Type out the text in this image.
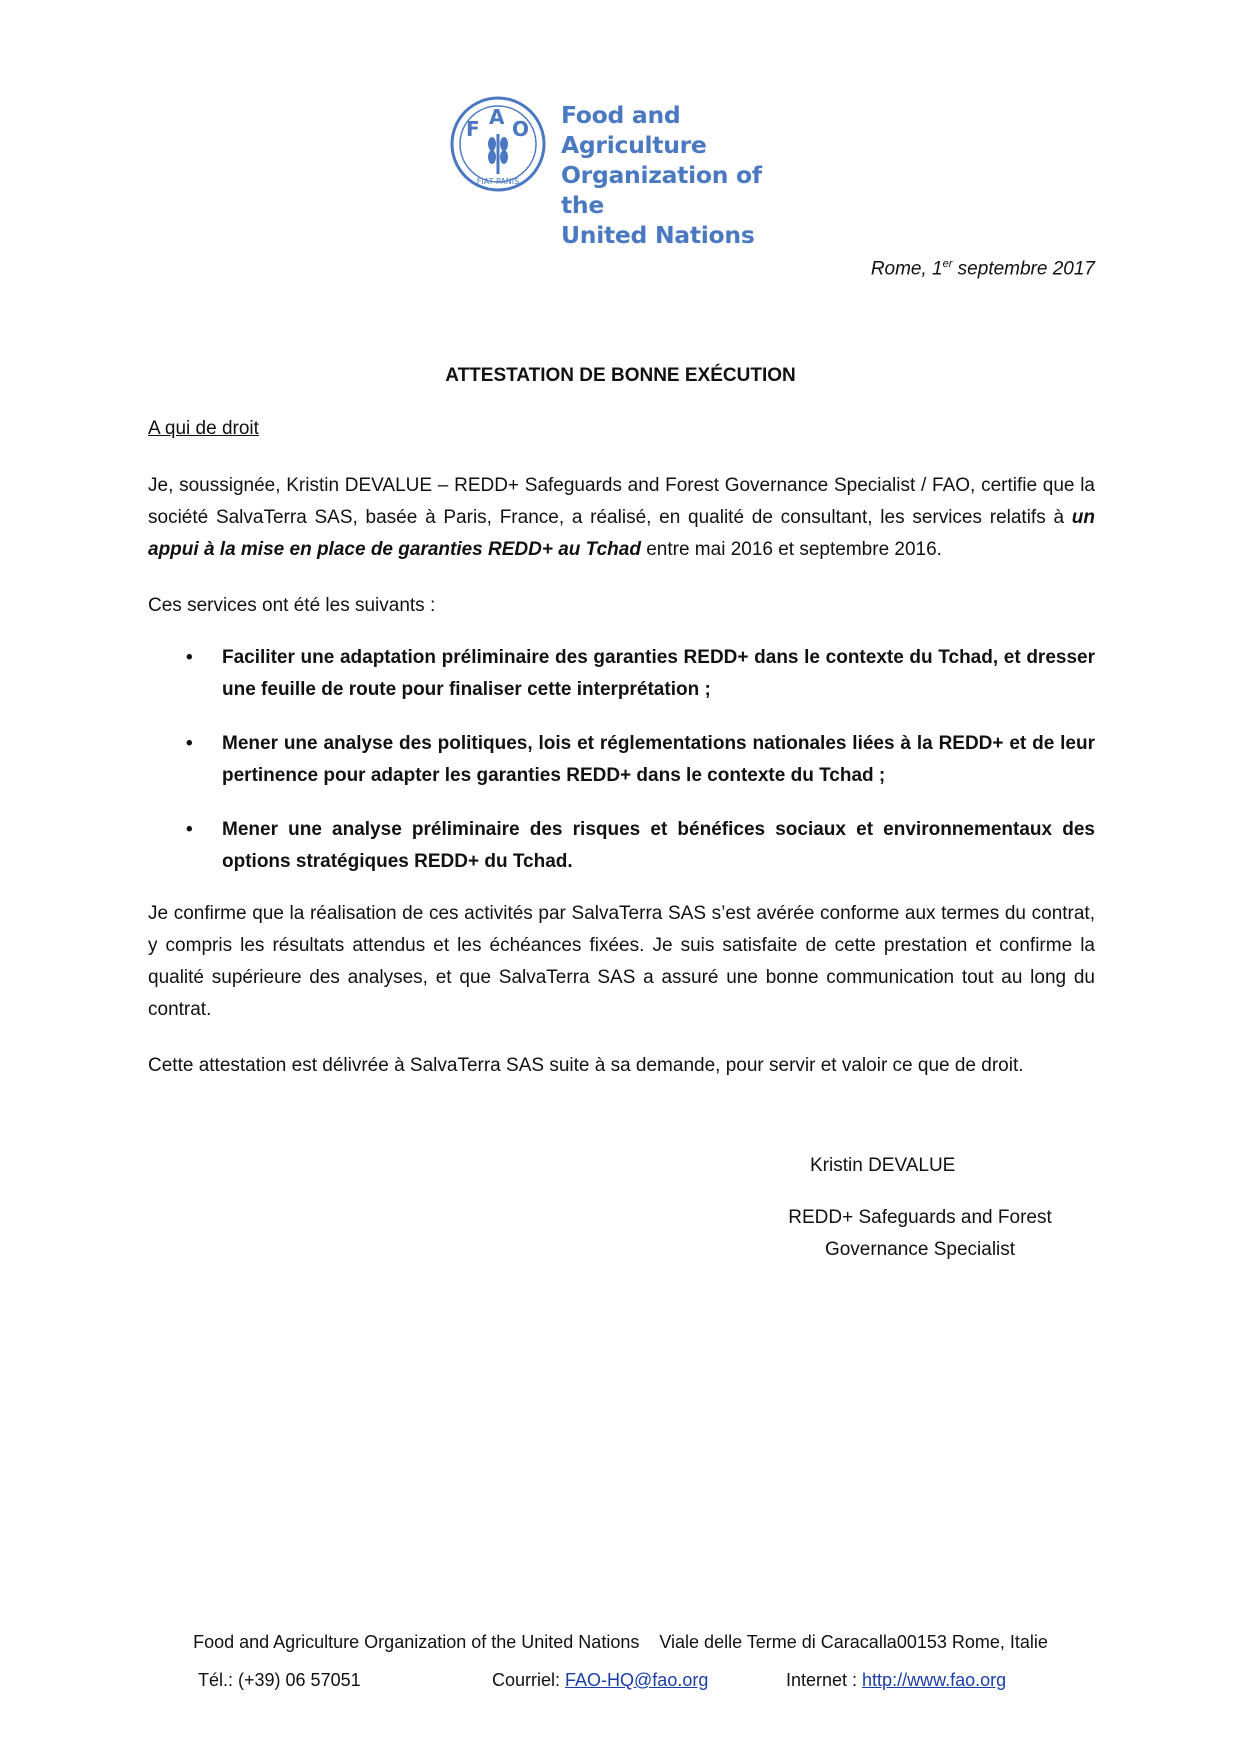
F A O
FIAT PANIS
Food and Agriculture
Organization of the
United Nations
Rome, 1er septembre 2017
ATTESTATION DE BONNE EXÉCUTION
A qui de droit
Je, soussignée, Kristin DEVALUE – REDD+ Safeguards and Forest Governance Specialist / FAO, certifie que la société SalvaTerra SAS, basée à Paris, France, a réalisé, en qualité de consultant, les services relatifs à un appui à la mise en place de garanties REDD+ au Tchad entre mai 2016 et septembre 2016.
Ces services ont été les suivants :
• Faciliter une adaptation préliminaire des garanties REDD+ dans le contexte du Tchad, et dresser une feuille de route pour finaliser cette interprétation ;
• Mener une analyse des politiques, lois et réglementations nationales liées à la REDD+ et de leur pertinence pour adapter les garanties REDD+ dans le contexte du Tchad ;
• Mener une analyse préliminaire des risques et bénéfices sociaux et environnementaux des options stratégiques REDD+ du Tchad.
Je confirme que la réalisation de ces activités par SalvaTerra SAS s’est avérée conforme aux termes du contrat, y compris les résultats attendus et les échéances fixées. Je suis satisfaite de cette prestation et confirme la qualité supérieure des analyses, et que SalvaTerra SAS a assuré une bonne communication tout au long du contrat.
Cette attestation est délivrée à SalvaTerra SAS suite à sa demande, pour servir et valoir ce que de droit.
Kristin DEVALUE
REDD+ Safeguards and Forest
Governance Specialist
Food and Agriculture Organization of the United Nations Viale delle Terme di Caracalla00153 Rome, Italie
Tél.: (+39) 06 57051	Courriel: FAO-HQ@fao.org	Internet : http://www.fao.org
